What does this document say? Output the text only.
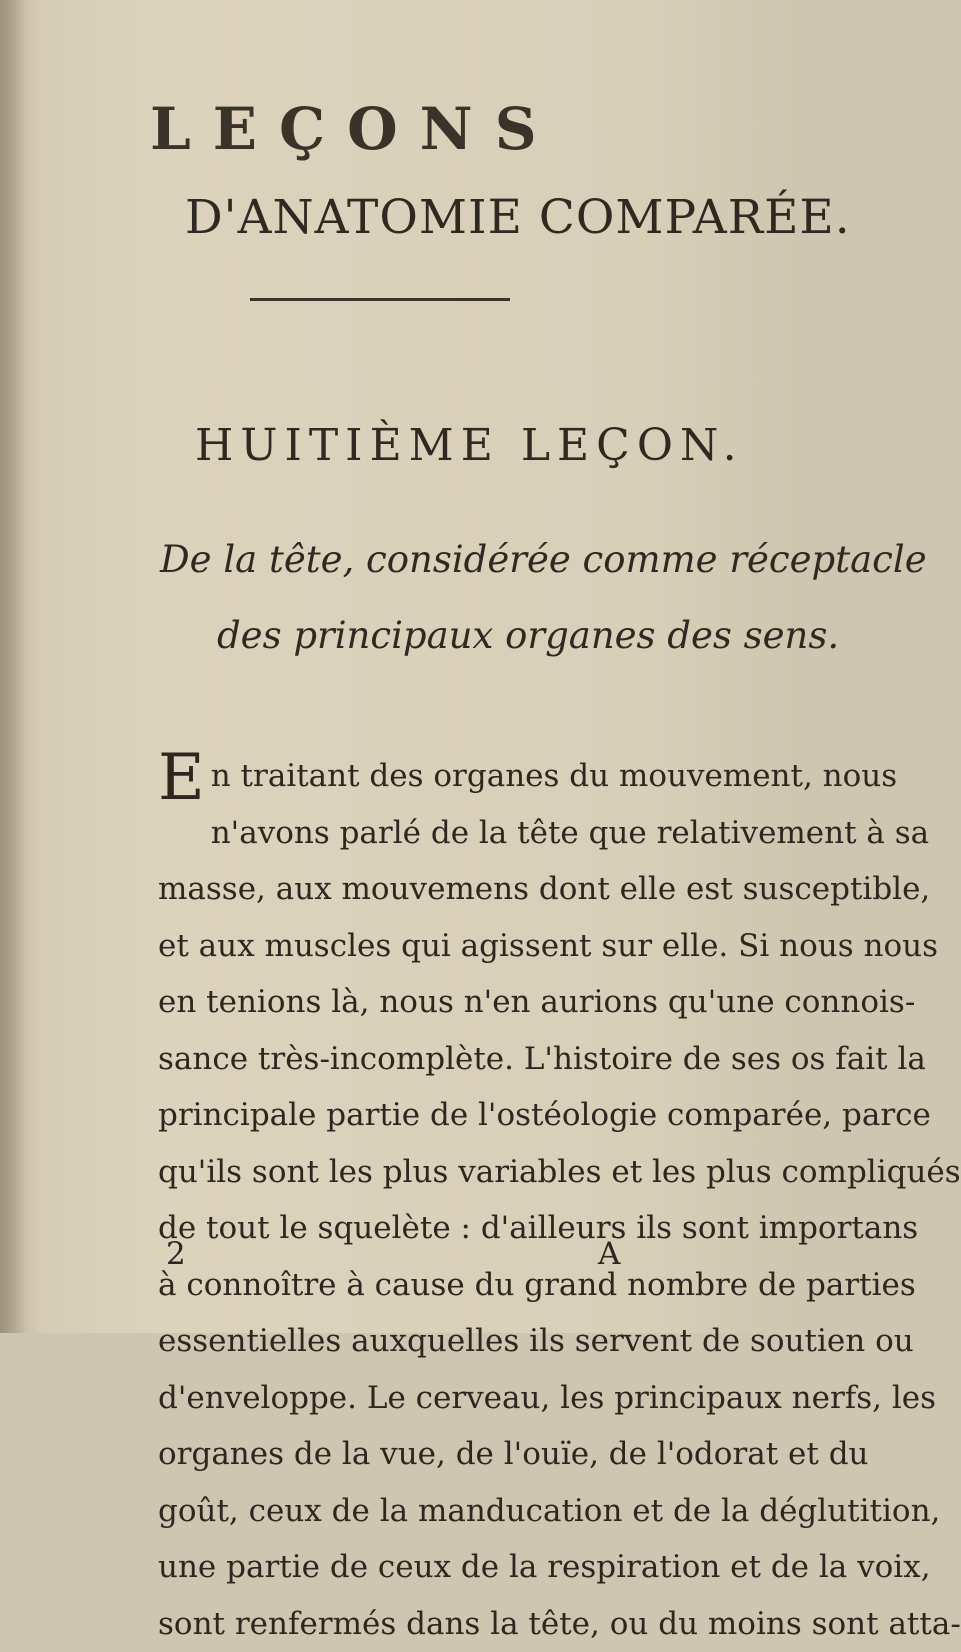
LEÇONS
D'ANATOMIE COMPARÉE.
HUITIÈME LEÇON.
De la tête, considérée comme réceptacle
des principaux organes des sens.
E n traitant des organes du mouvement, nous
n'avons parlé de la tête que relativement à sa
masse, aux mouvemens dont elle est susceptible,
et aux muscles qui agissent sur elle. Si nous nous
en tenions là, nous n'en aurions qu'une connois-
sance très-incomplète. L'histoire de ses os fait la
principale partie de l'ostéologie comparée, parce
qu'ils sont les plus variables et les plus compliqués
de tout le squelète : d'ailleurs ils sont importans
à connoître à cause du grand nombre de parties
essentielles auxquelles ils servent de soutien ou
d'enveloppe. Le cerveau, les principaux nerfs, les
organes de la vue, de l'ouïe, de l'odorat et du
goût, ceux de la manducation et de la déglutition,
une partie de ceux de la respiration et de la voix,
sont renfermés dans la tête, ou du moins sont atta-
2	A
